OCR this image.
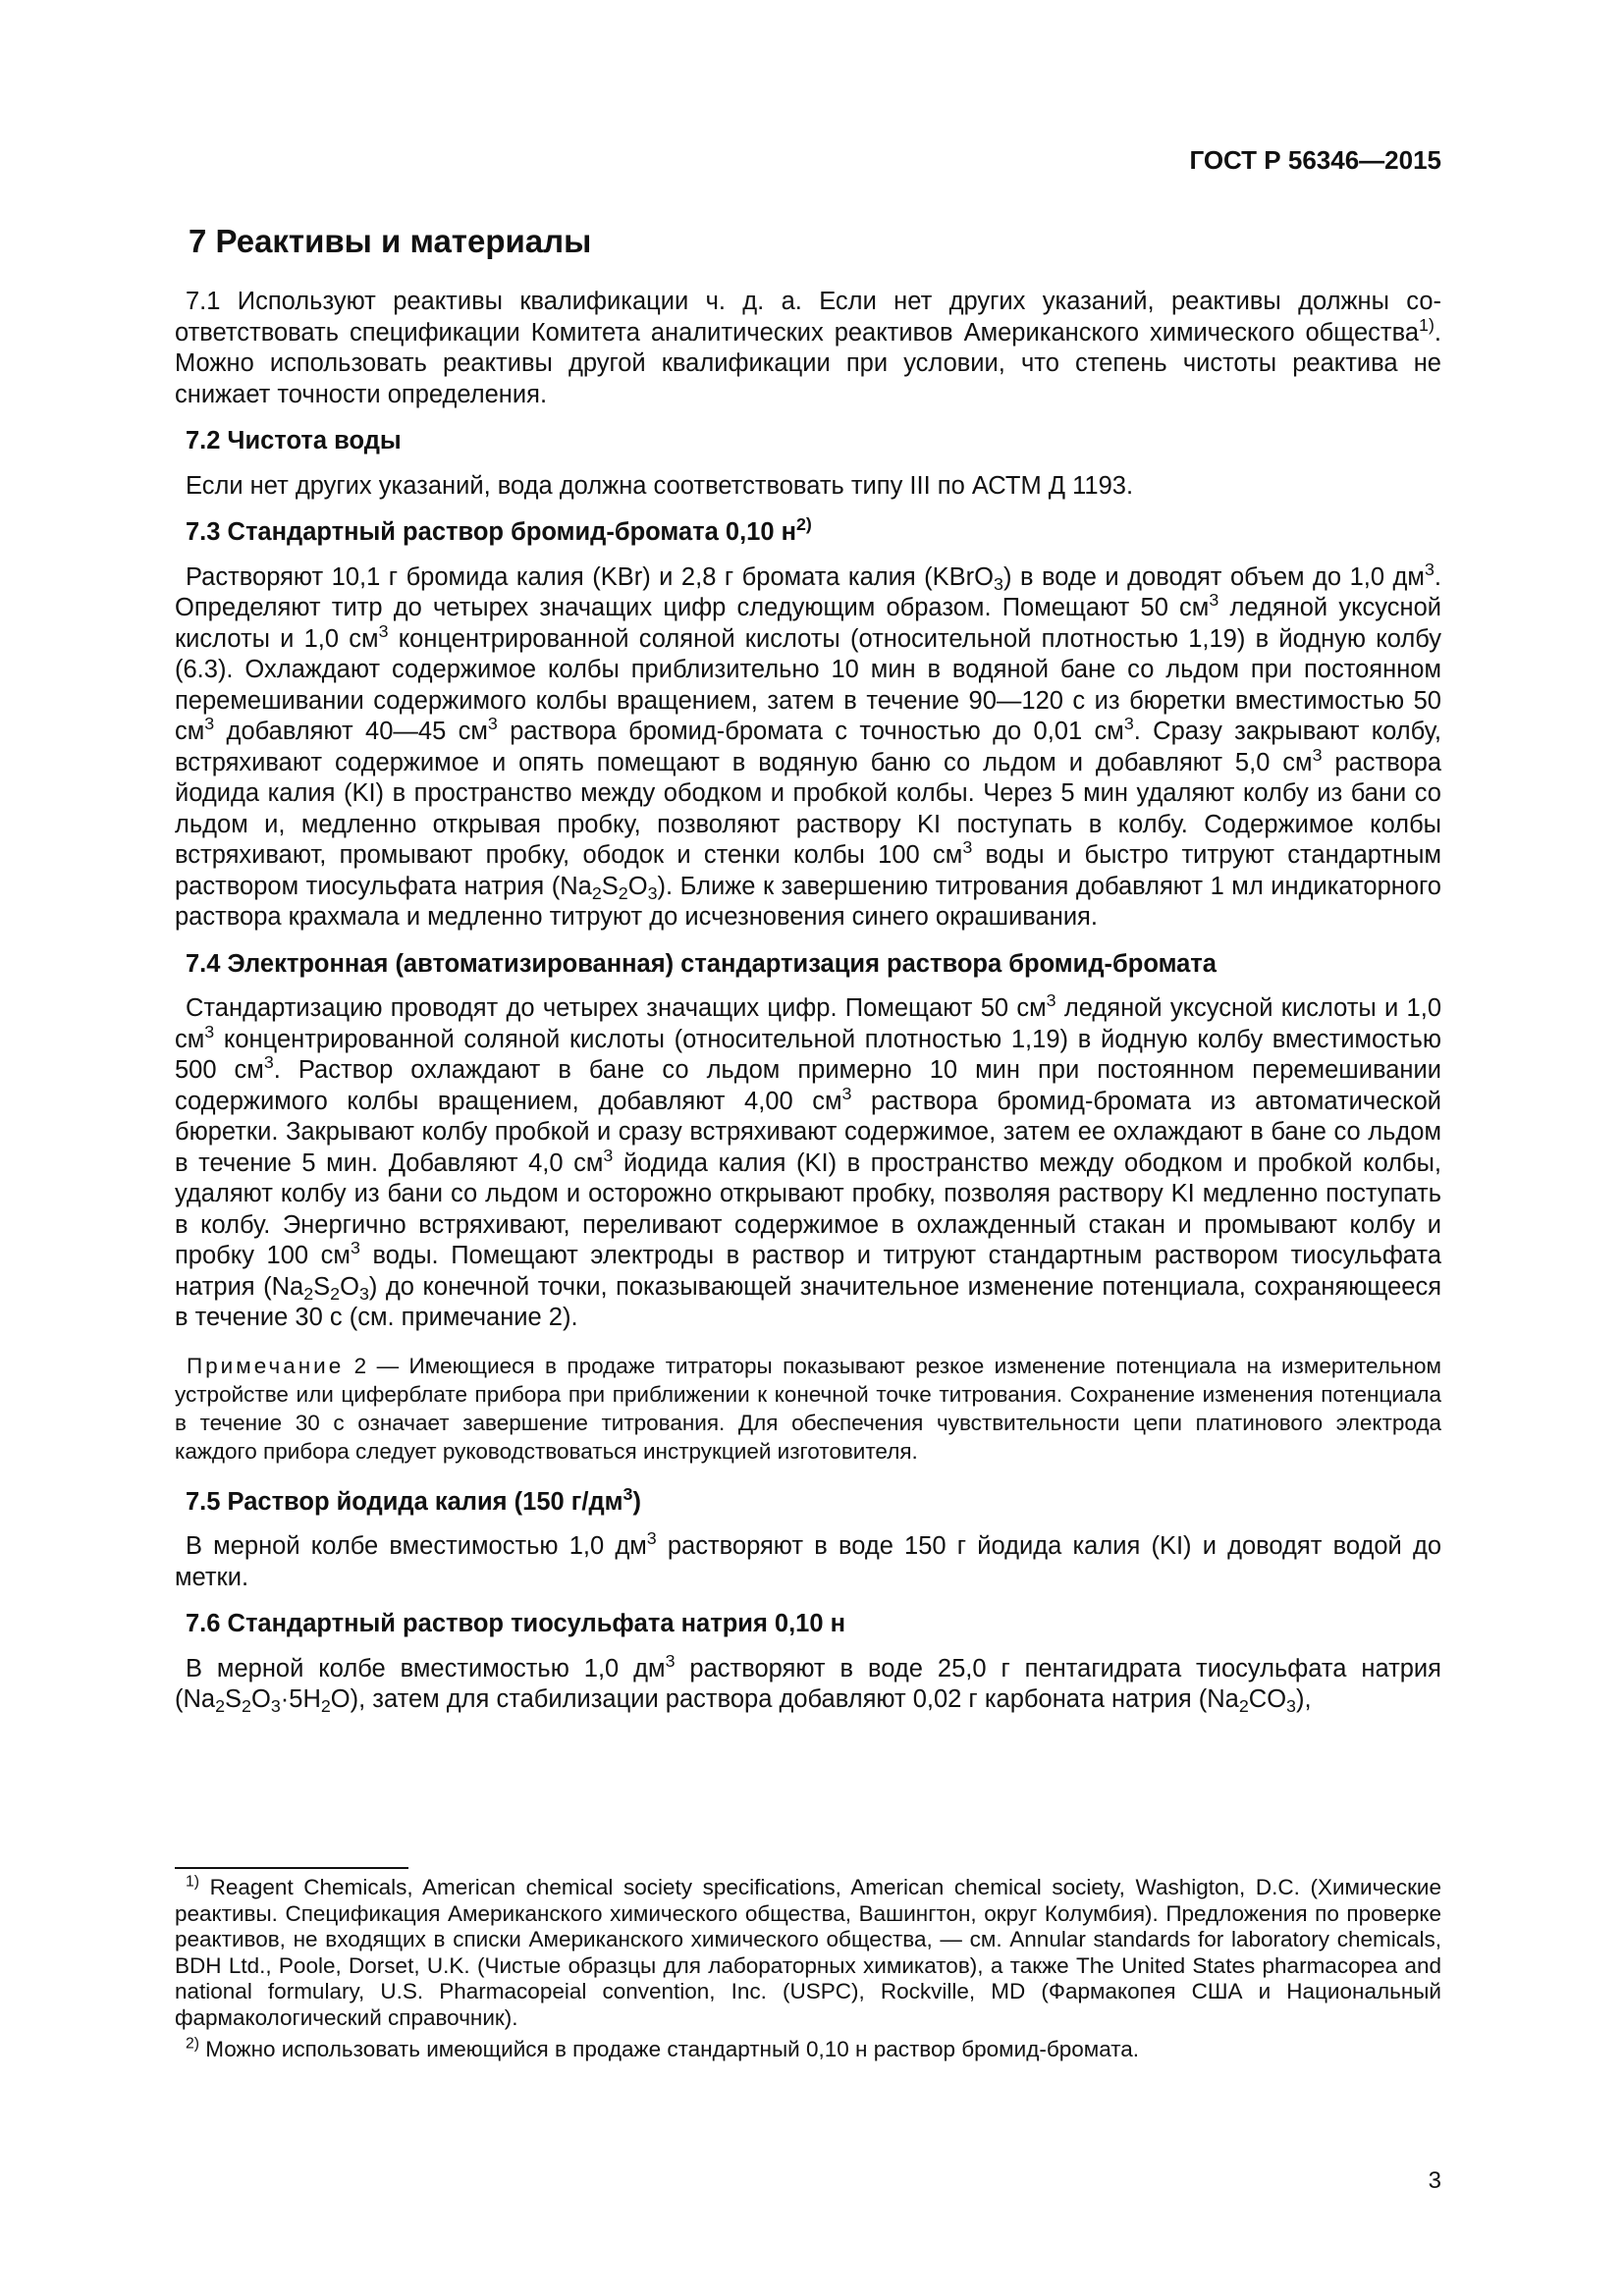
ГОСТ Р 56346—2015
7 Реактивы и материалы

7.1 Используют реактивы квалификации ч. д. а. Если нет других указаний, реактивы должны соответствовать спецификации Комитета аналитических реактивов Американского химического общества$^{1)}$. Можно использовать реактивы другой квалификации при условии, что степень чистоты реактива не снижает точности определения.

7.2 Чистота воды

Если нет других указаний, вода должна соответствовать типу III по АСТМ Д 1193.

7.3 Стандартный раствор бромид-бромата 0,10 $н^{2)}$

Растворяют 10,1 г бромида калия (KBr) и 2,8 г бромата калия (KBrO$_3$) в воде и доводят объем до 1,0 $дм^3$. Определяют титр до четырех значащих цифр следующим образом. Помещают 50 $см^3$ ледяной уксусной кислоты и 1,0 $см^3$ концентрированной соляной кислоты (относительной плотностью 1,19) в йодную колбу (6.3). Охлаждают содержимое колбы приблизительно 10 мин в водяной бане со льдом при постоянном перемешивании содержимого колбы вращением, затем в течение 90—120 с из бюретки вместимостью 50 $см^3$ добавляют 40—45 $см^3$ раствора бромид-бромата с точностью до 0,01 $см^3$. Сразу закрывают колбу, встряхивают содержимое и опять помещают в водяную баню со льдом и добавляют 5,0 $см^3$ раствора йодида калия (KI) в пространство между ободком и пробкой колбы. Через 5 мин удаляют колбу из бани со льдом и, медленно открывая пробку, позволяют раствору KI поступать в колбу. Содержимое колбы встряхивают, промывают пробку, ободок и стенки колбы 100 $см^3$ воды и быстро титруют стандартным раствором тиосульфата натрия $(Na_2S_2O_3)$. Ближе к завершению титрования добавляют 1 мл индикаторного раствора крахмала и медленно титруют до исчезновения синего окрашивания.

7.4 Электронная (автоматизированная) стандартизация раствора бромид-бромата

Стандартизацию проводят до четырех значащих цифр. Помещают 50 $см^3$ ледяной уксусной кислоты и 1,0 $см^3$ концентрированной соляной кислоты (относительной плотностью 1,19) в йодную колбу вместимостью 500 $см^3$. Раствор охлаждают в бане со льдом примерно 10 мин при постоянном перемешивании содержимого колбы вращением, добавляют 4,00 $см^3$ раствора бромид-бромата из автоматической бюретки. Закрывают колбу пробкой и сразу встряхивают содержимое, затем ее охлаждают в бане со льдом в течение 5 мин. Добавляют 4,0 $см^3$ йодида калия (KI) в пространство между ободком и пробкой колбы, удаляют колбу из бани со льдом и осторожно открывают пробку, позволяя раствору KI медленно поступать в колбу. Энергично встряхивают, переливают содержимое в охлажденный стакан и промывают колбу и пробку 100 $см^3$ воды. Помещают электроды в раствор и титруют стандартным раствором тиосульфата натрия $(Na_2S_2O_3)$ до конечной точки, показывающей значительное изменение потенциала, сохраняющееся в течение 30 с (см. примечание 2).

Примечание 2 — Имеющиеся в продаже титраторы показывают резкое изменение потенциала на измерительном устройстве или циферблате прибора при приближении к конечной точке титрования. Сохранение изменения потенциала в течение 30 с означает завершение титрования. Для обеспечения чувствительности цепи платинового электрода каждого прибора следует руководствоваться инструкцией изготовителя.

7.5 Раствор йодида калия (150 $г/дм^3$)

В мерной колбе вместимостью 1,0 $дм^3$ растворяют в воде 150 г йодида калия (KI) и доводят водой до метки.

7.6 Стандартный раствор тиосульфата натрия 0,10 н

В мерной колбе вместимостью 1,0 $дм^3$ растворяют в воде 25,0 г пентагидрата тиосульфата натрия $(Na_2S_2O_3\cdot 5H_2O)$, затем для стабилизации раствора добавляют 0,02 г карбоната натрия $(Na_2CO_3)$,

$^{1)}$ Reagent Chemicals, American chemical society specifications, American chemical society, Washigton, D.C. (Химические реактивы. Спецификация Американского химического общества, Вашингтон, округ Колумбия). Предложения по проверке реактивов, не входящих в списки Американского химического общества, — см. Annular standards for laboratory chemicals, BDH Ltd., Poole, Dorset, U.K. (Чистые образцы для лабораторных химикатов), а также The United States pharmacopea and national formulary, U.S. Pharmacopeial convention, Inc. (USPC), Rockville, MD (Фармакопея США и Национальный фармакологический справочник).

$^{2)}$ Можно использовать имеющийся в продаже стандартный 0,10 н раствор бромид-бромата.

3
